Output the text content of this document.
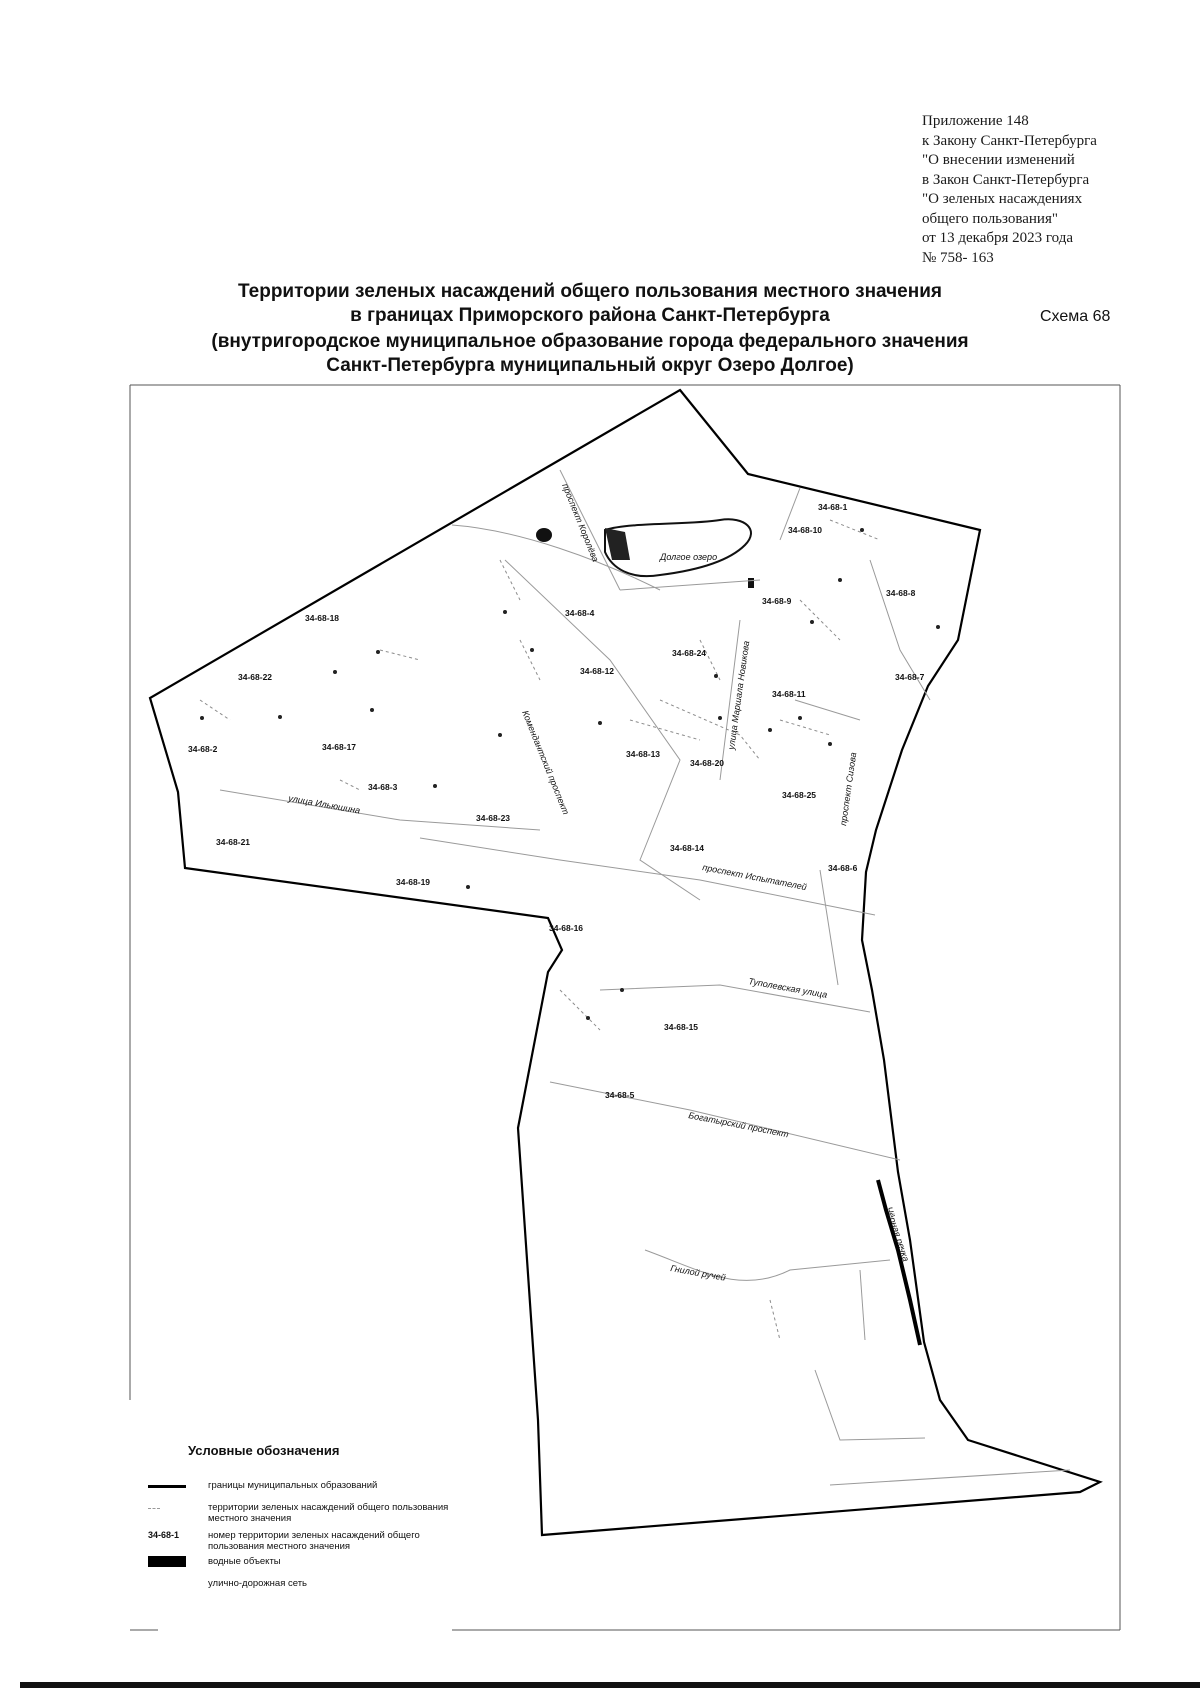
Приложение 148
к Закону Санкт-Петербурга
"О внесении изменений
в Закон Санкт-Петербурга
"О зеленых насаждениях
общего пользования"
от 13 декабря 2023 года
№ 758- 163
Территории зеленых насаждений общего пользования местного значения
в границах Приморского района Санкт-Петербурга	Схема 68
(внутригородское муниципальное образование города федерального значения
Санкт-Петербурга муниципальный округ Озеро Долгое)
34-68-1
34-68-10
34-68-8
34-68-9
34-68-4
34-68-18
34-68-24
34-68-12
34-68-22	34-68-7
34-68-11
34-68-2	34-68-17
34-68-13
34-68-20
34-68-3
34-68-25
34-68-23
34-68-21
34-68-14
34-68-6
34-68-19
34-68-16
34-68-15
34-68-5
проспект Королёва	Долгое озеро
улица Маршала Новикова
Комендантский проспект
улица Ильюшина	проспект Сизова
проспект Испытателей
Туполевская улица
Богатырский проспект
Чёрная речка
Гнилой ручей
Условные обозначения
границы муниципальных образований
территории зеленых насаждений общего пользования местного значения
34-68-1	номер территории зеленых насаждений общего пользования местного значения
водные объекты
улично-дорожная сеть
